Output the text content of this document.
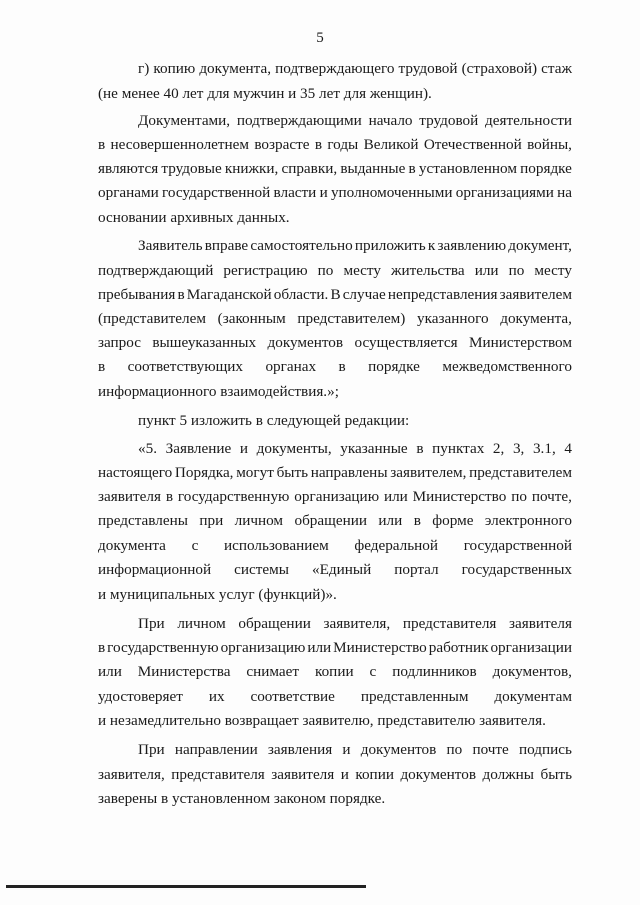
5
г) копию документа, подтверждающего трудовой (страховой) стаж
(не менее 40 лет для мужчин и 35 лет для женщин).
Документами, подтверждающими начало трудовой деятельности
в несовершеннолетнем возрасте в годы Великой Отечественной войны,
являются трудовые книжки, справки, выданные в установленном порядке
органами государственной власти и уполномоченными организациями на
основании архивных данных.
Заявитель вправе самостоятельно приложить к заявлению документ,
подтверждающий регистрацию по месту жительства или по месту
пребывания в Магаданской области. В случае непредставления заявителем
(представителем (законным представителем) указанного документа,
запрос вышеуказанных документов осуществляется Министерством
в соответствующих органах в порядке межведомственного
информационного взаимодействия.»;
пункт 5 изложить в следующей редакции:
«5. Заявление и документы, указанные в пунктах 2, 3, 3.1, 4
настоящего Порядка, могут быть направлены заявителем, представителем
заявителя в государственную организацию или Министерство по почте,
представлены при личном обращении или в форме электронного
документа с использованием федеральной государственной
информационной системы «Единый портал государственных
и муниципальных услуг (функций)».
При личном обращении заявителя, представителя заявителя
в государственную организацию или Министерство работник организации
или Министерства снимает копии с подлинников документов,
удостоверяет их соответствие представленным документам
и незамедлительно возвращает заявителю, представителю заявителя.
При направлении заявления и документов по почте подпись
заявителя, представителя заявителя и копии документов должны быть
заверены в установленном законом порядке.
